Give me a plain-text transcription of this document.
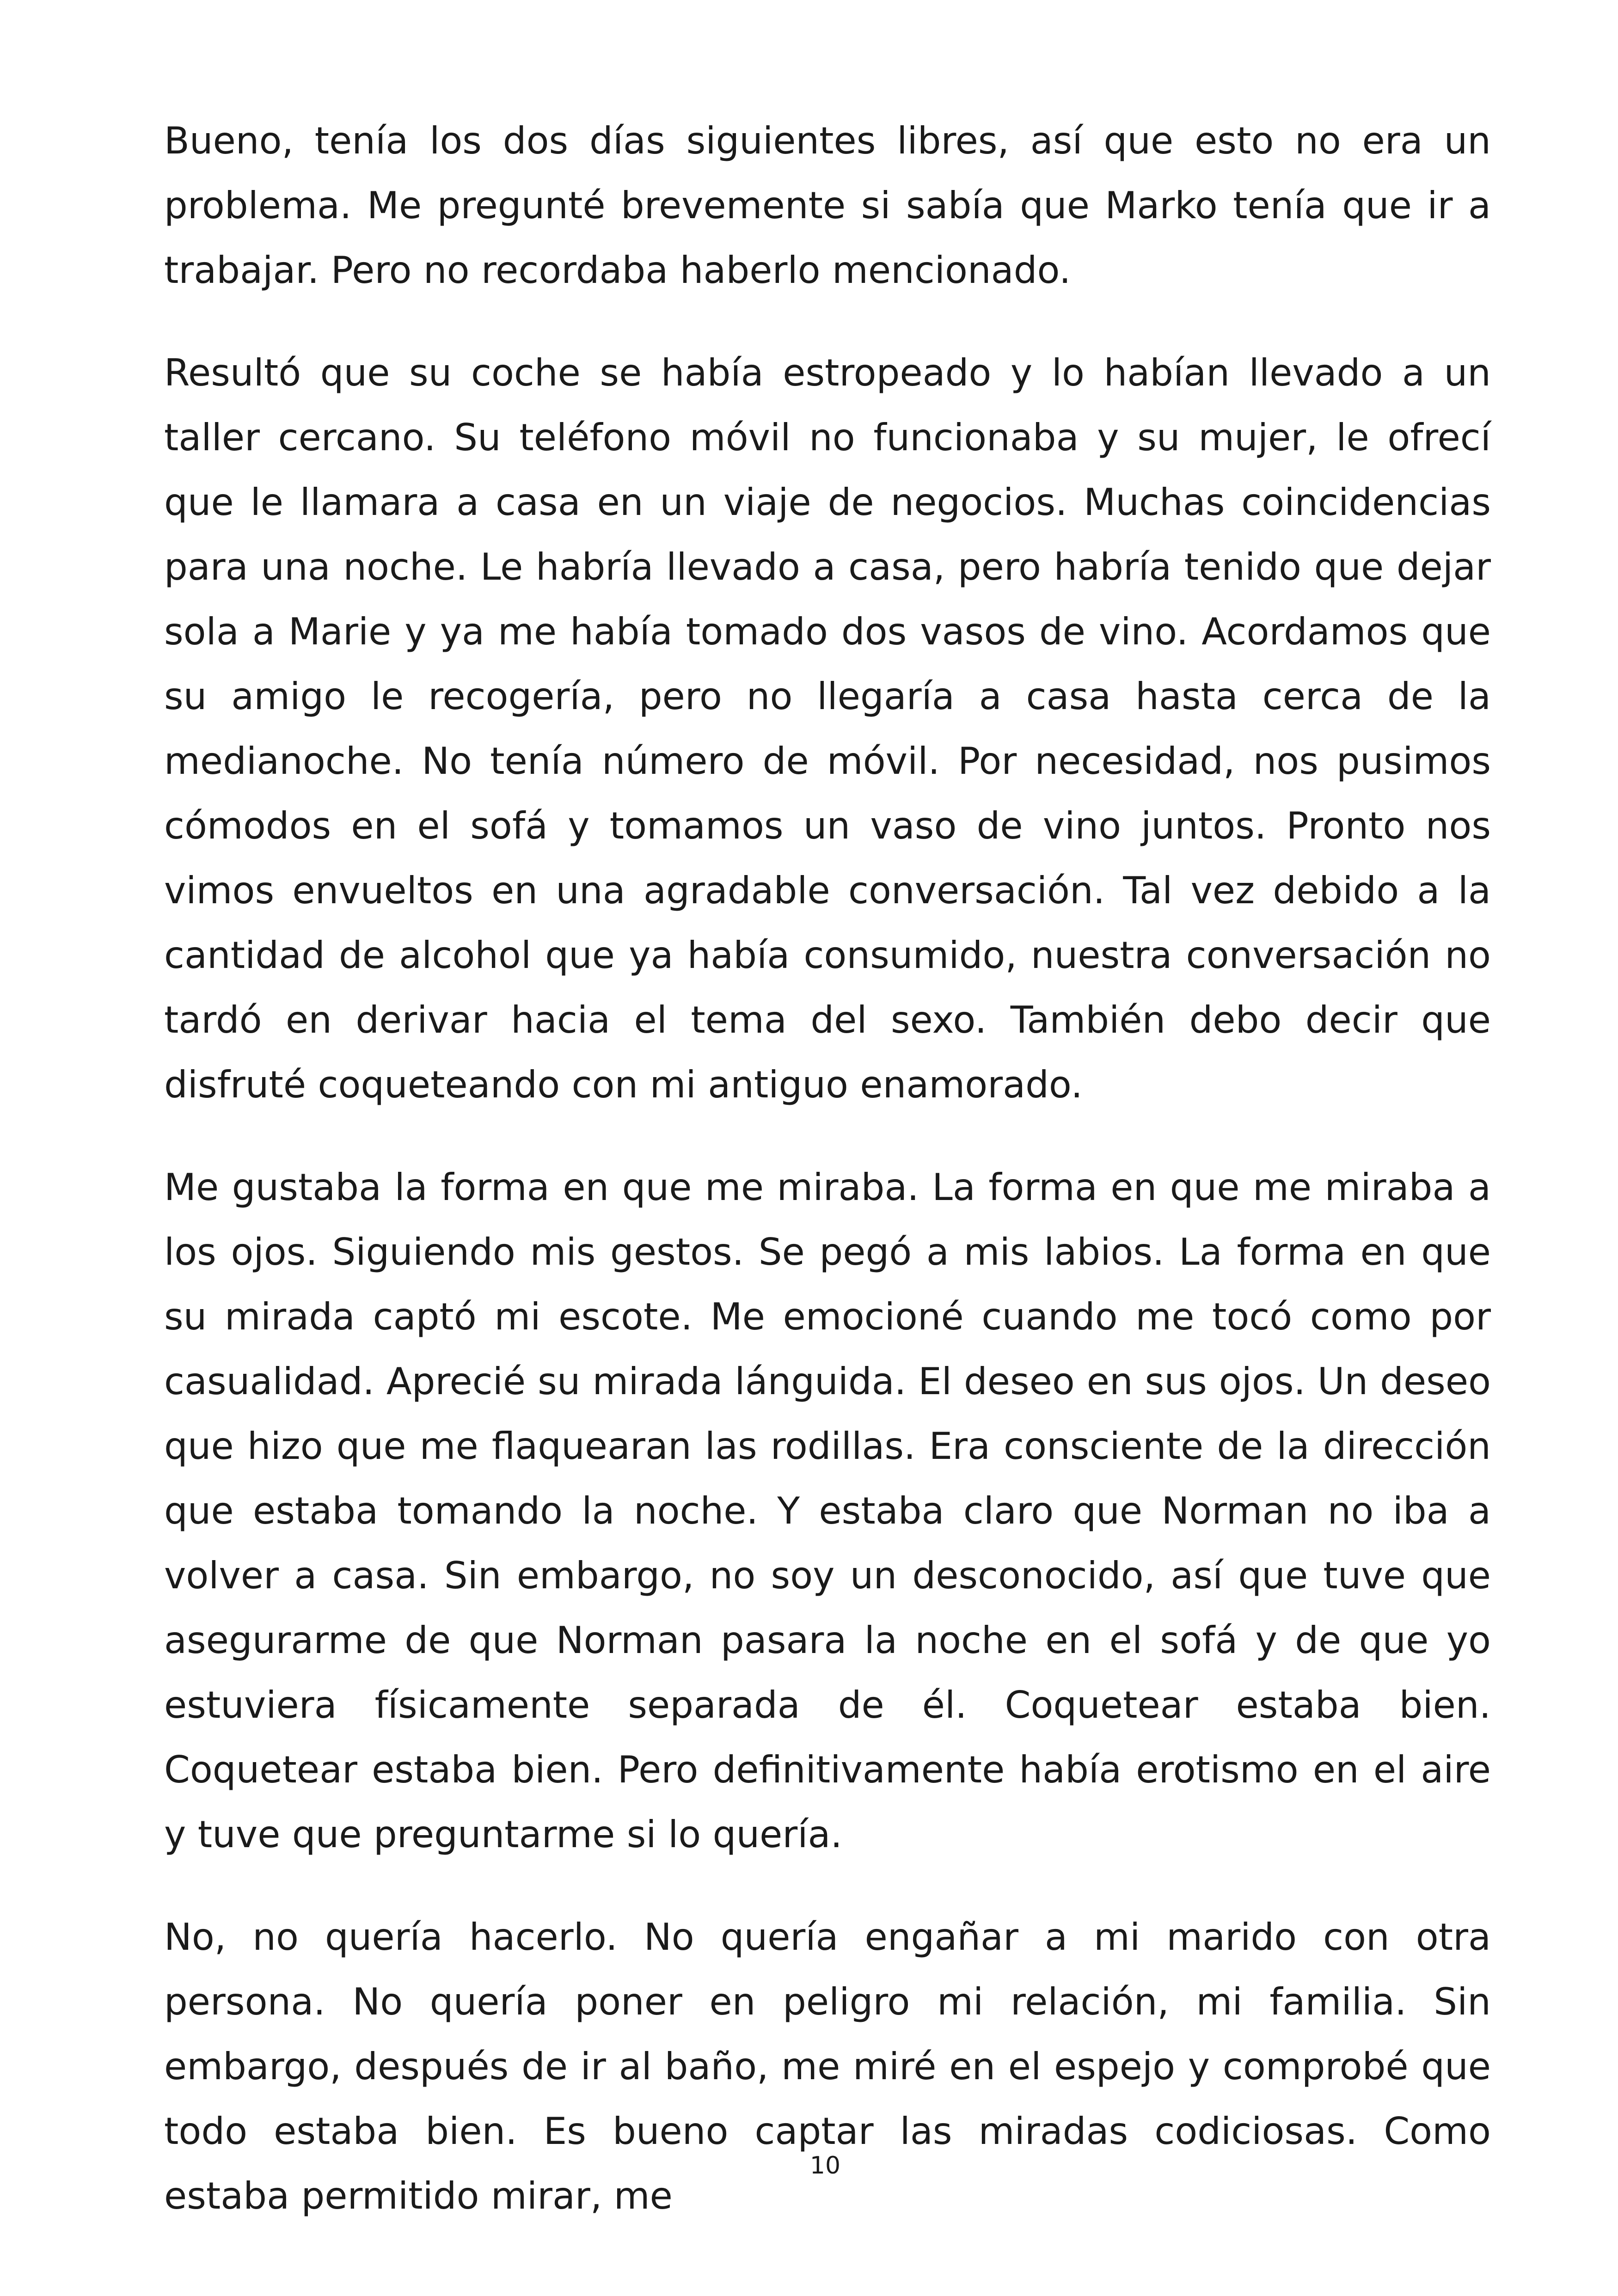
Bueno, tenía los dos días siguientes libres, así que esto no era un problema. Me pregunté brevemente si sabía que Marko tenía que ir a trabajar. Pero no recordaba haberlo mencionado.

Resultó que su coche se había estropeado y lo habían llevado a un taller cercano. Su teléfono móvil no funcionaba y su mujer, le ofrecí que le llamara a casa en un viaje de negocios. Muchas coincidencias para una noche. Le habría llevado a casa, pero habría tenido que dejar sola a Marie y ya me había tomado dos vasos de vino. Acordamos que su amigo le recogería, pero no llegaría a casa hasta cerca de la medianoche. No tenía número de móvil. Por necesidad, nos pusimos cómodos en el sofá y tomamos un vaso de vino juntos. Pronto nos vimos envueltos en una agradable conversación. Tal vez debido a la cantidad de alcohol que ya había consumido, nuestra conversación no tardó en derivar hacia el tema del sexo. También debo decir que disfruté coqueteando con mi antiguo enamorado.

Me gustaba la forma en que me miraba. La forma en que me miraba a los ojos. Siguiendo mis gestos. Se pegó a mis labios. La forma en que su mirada captó mi escote. Me emocioné cuando me tocó como por casualidad. Aprecié su mirada lánguida. El deseo en sus ojos. Un deseo que hizo que me flaquearan las rodillas. Era consciente de la dirección que estaba tomando la noche. Y estaba claro que Norman no iba a volver a casa. Sin embargo, no soy un desconocido, así que tuve que asegurarme de que Norman pasara la noche en el sofá y de que yo estuviera físicamente separada de él. Coquetear estaba bien. Coquetear estaba bien. Pero definitivamente había erotismo en el aire y tuve que preguntarme si lo quería.

No, no quería hacerlo. No quería engañar a mi marido con otra persona. No quería poner en peligro mi relación, mi familia. Sin embargo, después de ir al baño, me miré en el espejo y comprobé que todo estaba bien. Es bueno captar las miradas codiciosas. Como estaba permitido mirar, me

10
